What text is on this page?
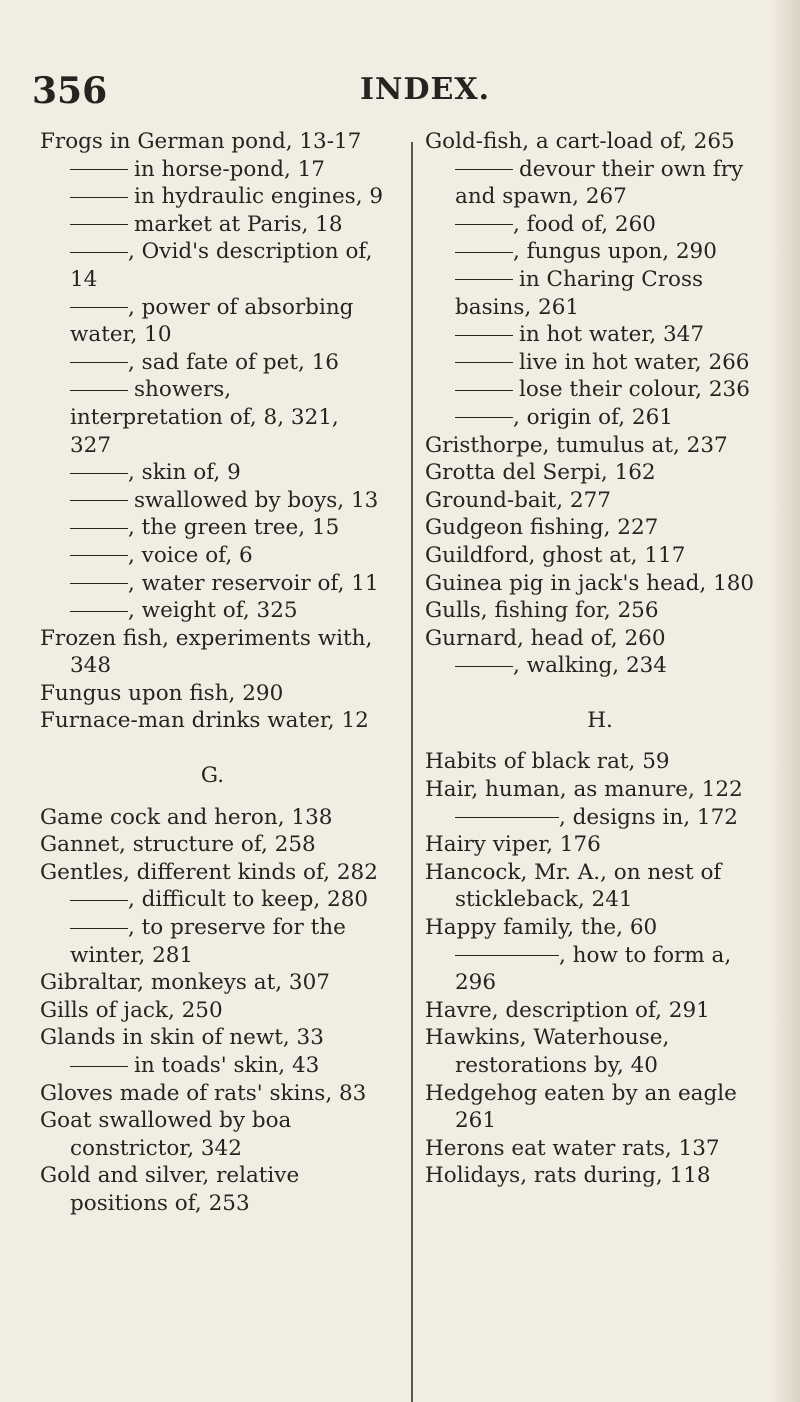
356	INDEX.

Frogs in German pond, 13-17

in horse-pond, 17

in hydraulic engines, 9

market at Paris, 18

, Ovid's description of, 14

, power of absorbing water, 10

, sad fate of pet, 16

showers, interpretation of, 8, 321, 327

, skin of, 9

swallowed by boys, 13

, the green tree, 15

, voice of, 6

, water reservoir of, 11

, weight of, 325

Frozen fish, experiments with, 348

Fungus upon fish, 290

Furnace-man drinks water, 12

G.

Game cock and heron, 138

Gannet, structure of, 258

Gentles, different kinds of, 282

, difficult to keep, 280

, to preserve for the winter, 281

Gibraltar, monkeys at, 307

Gills of jack, 250

Glands in skin of newt, 33

in toads' skin, 43

Gloves made of rats' skins, 83

Goat swallowed by boa constrictor, 342

Gold and silver, relative positions of, 253

Gold-fish, a cart-load of, 265

devour their own fry and spawn, 267

, food of, 260

, fungus upon, 290

in Charing Cross basins, 261

in hot water, 347

live in hot water, 266

lose their colour, 236

, origin of, 261

Gristhorpe, tumulus at, 237

Grotta del Serpi, 162

Ground-bait, 277

Gudgeon fishing, 227

Guildford, ghost at, 117

Guinea pig in jack's head, 180

Gulls, fishing for, 256

Gurnard, head of, 260

, walking, 234

H.

Habits of black rat, 59

Hair, human, as manure, 122

, designs in, 172

Hairy viper, 176

Hancock, Mr. A., on nest of stickleback, 241

Happy family, the, 60

, how to form a, 296

Havre, description of, 291

Hawkins, Waterhouse, restorations by, 40

Hedgehog eaten by an eagle 261

Herons eat water rats, 137

Holidays, rats during, 118
